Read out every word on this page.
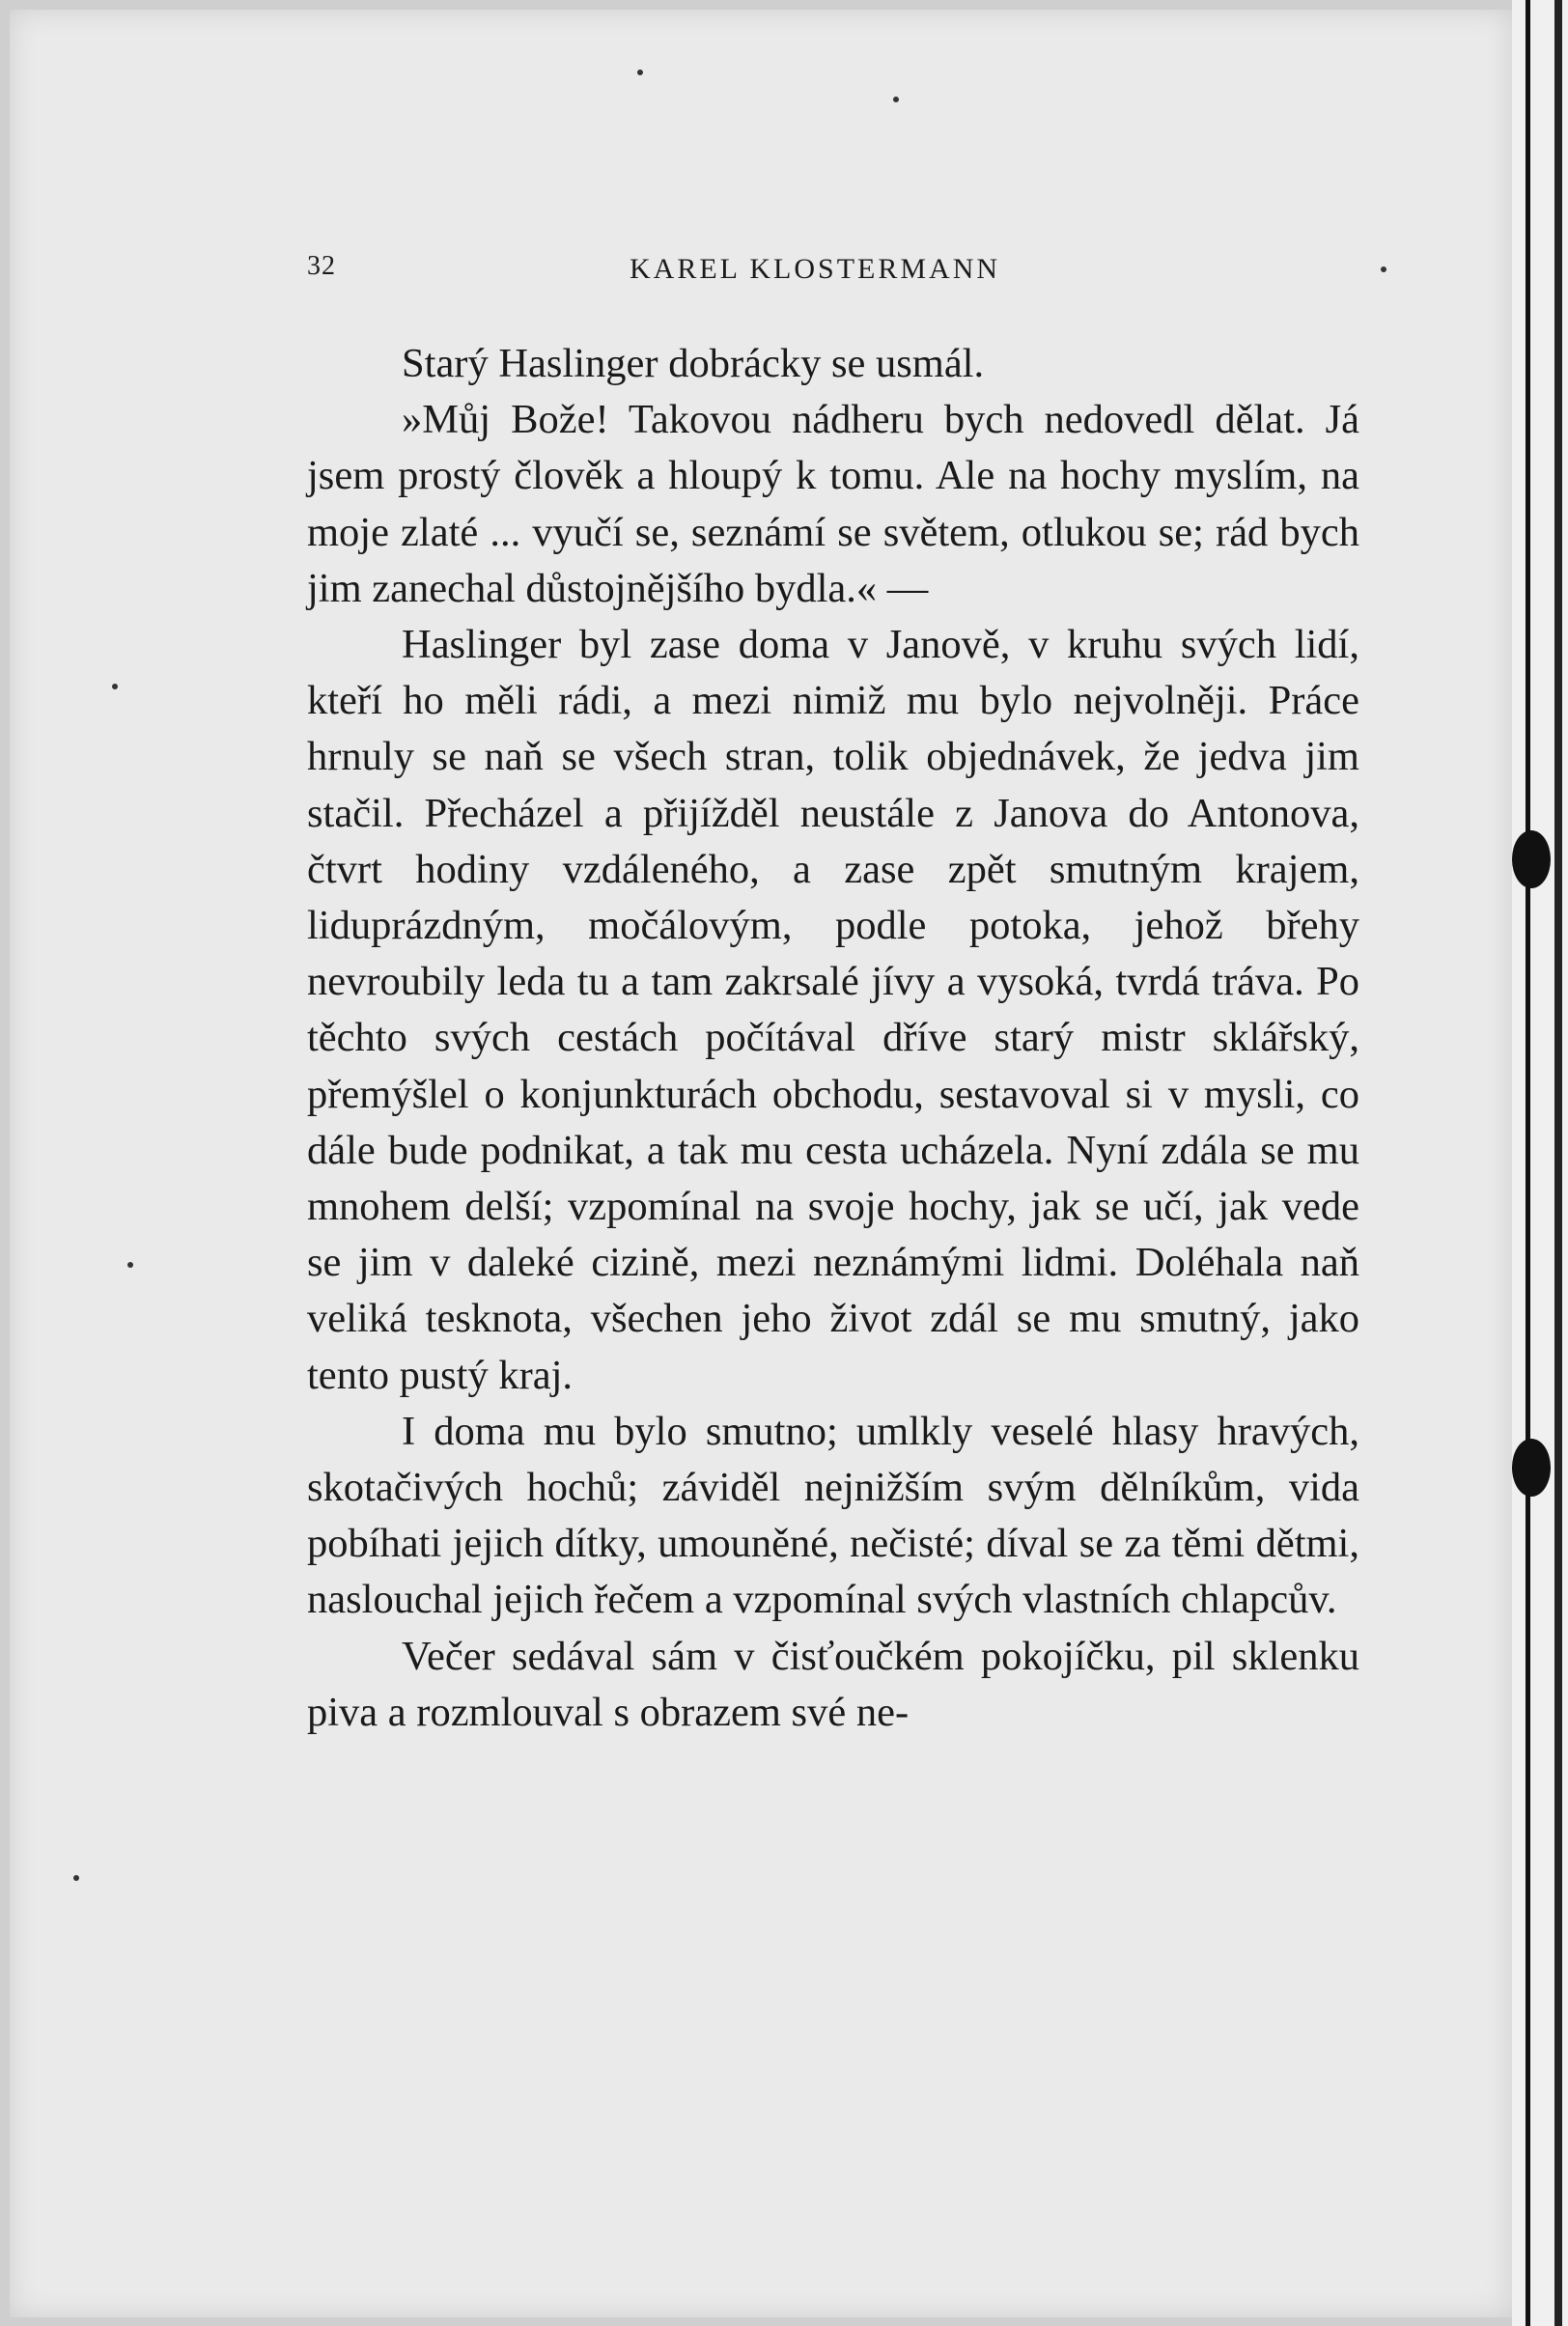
32	KAREL KLOSTERMANN

Starý Haslinger dobrácky se usmál.

»Můj Bože! Takovou nádheru bych nedovedl dělat. Já jsem prostý člověk a hloupý k tomu. Ale na hochy myslím, na moje zlaté ... vyučí se, seznámí se světem, otlukou se; rád bych jim zanechal důstojnějšího bydla.« —

Haslinger byl zase doma v Janově, v kruhu svých lidí, kteří ho měli rádi, a mezi nimiž mu bylo nejvolněji. Práce hrnuly se naň se všech stran, tolik objednávek, že jedva jim stačil. Přecházel a přijížděl neustále z Janova do Antonova, čtvrt hodiny vzdáleného, a zase zpět smutným krajem, liduprázdným, močálovým, podle potoka, jehož břehy nevroubily leda tu a tam zakrsalé jívy a vysoká, tvrdá tráva. Po těchto svých cestách počítával dříve starý mistr sklářský, přemýšlel o konjunkturách obchodu, sestavoval si v mysli, co dále bude podnikat, a tak mu cesta ucházela. Nyní zdála se mu mnohem delší; vzpomínal na svoje hochy, jak se učí, jak vede se jim v daleké cizině, mezi neznámými lidmi. Doléhala naň veliká tesknota, všechen jeho život zdál se mu smutný, jako tento pustý kraj.

I doma mu bylo smutno; umlkly veselé hlasy hravých, skotačivých hochů; záviděl nejnižším svým dělníkům, vida pobíhati jejich dítky, umouněné, nečisté; díval se za těmi dětmi, naslouchal jejich řečem a vzpomínal svých vlastních chlapcův.

Večer sedával sám v čisťoučkém pokojíčku, pil sklenku piva a rozmlouval s obrazem své ne-
